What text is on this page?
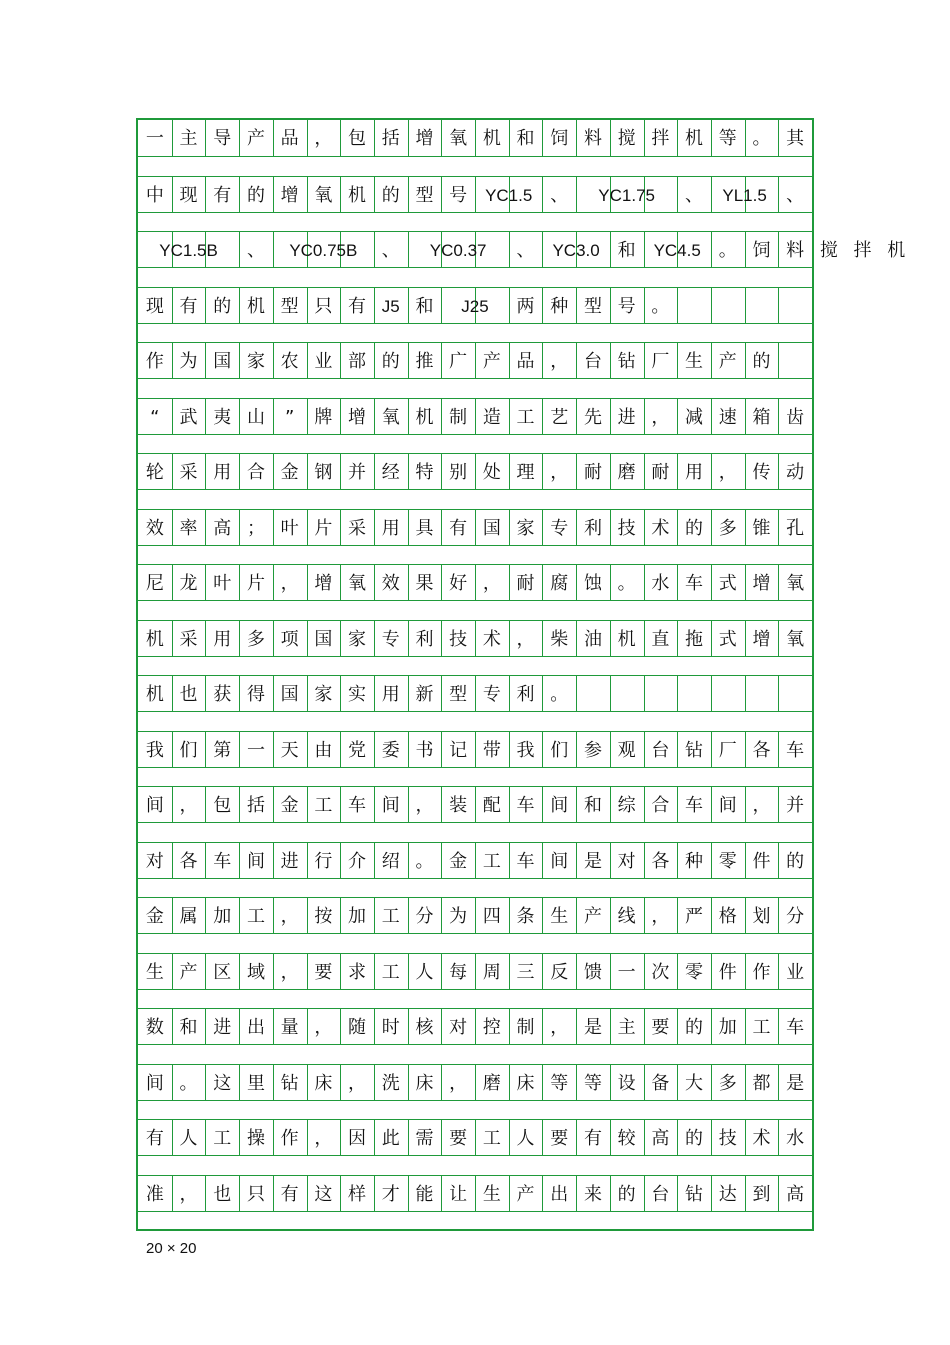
一 主 导 产 品 ， 包 括 增 氧 机 和 饲 料 搅 拌 机 等 。 其
中 现 有 的 增 氧 机 的 型 号	YC1.5 、	YC1.75	、	YL1.5	、
YC1.5B	、	YC0.75B	、	YC0.37	、	YC3.0 和	YC4.5 。 饲 料 搅 拌 机
现 有 的 机 型 只 有 J5 和	J25	两 种 型 号 。
作 为 国 家 农 业 部 的 推 广 产 品 ， 台 钻 厂 生 产 的
“	武 夷 山	”	牌 增 氧 机 制 造 工 艺 先 进 ， 减 速 箱 齿
轮 采 用 合 金 钢 并 经 特 别 处 理 ， 耐 磨 耐 用 ， 传 动
效 率 高 ； 叶 片 采 用 具 有 国 家 专 利 技 术 的 多 锥 孔
尼 龙 叶 片 ， 增 氧 效 果 好 ， 耐 腐 蚀 。 水 车 式 增 氧
机 采 用 多 项 国 家 专 利 技 术 ， 柴 油 机 直 拖 式 增 氧
机 也 获 得 国 家 实 用 新 型 专 利 。
我 们 第 一 天 由 党 委 书 记 带 我 们 参 观 台 钻 厂 各 车
间 ， 包 括 金 工 车 间 ， 装 配 车 间 和 综 合 车 间 ， 并
对 各 车 间 进 行 介 绍 。 金 工 车 间 是 对 各 种 零 件 的
金 属 加 工 ， 按 加 工 分 为 四 条 生 产 线 ， 严 格 划 分
生 产 区 域 ， 要 求 工 人 每 周 三 反 馈 一 次 零 件 作 业
数 和 进 出 量 ， 随 时 核 对 控 制 ， 是 主 要 的 加 工 车
间 。 这 里 钻 床 ， 洗 床 ， 磨 床 等 等 设 备 大 多 都 是
有 人 工 操 作 ， 因 此 需 要 工 人 要 有 较 高 的 技 术 水
准 ， 也 只 有 这 样 才 能 让 生 产 出 来 的 台 钻 达 到 高
20 × 20
